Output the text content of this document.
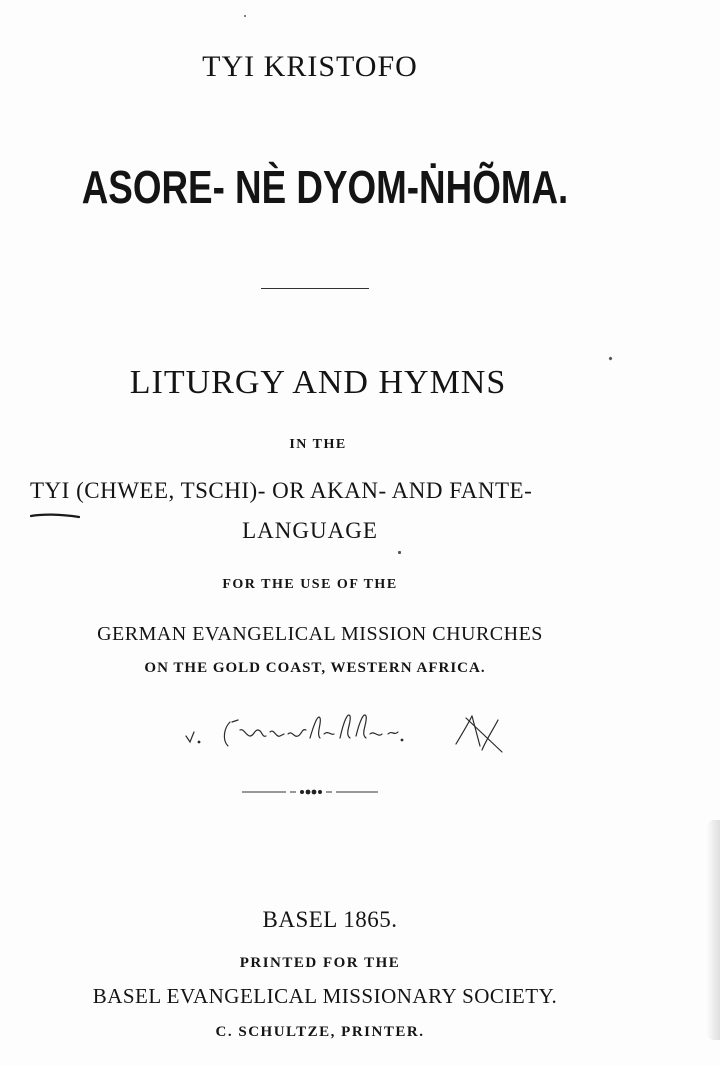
TYI KRISTOFO
ASORE- NÈ DYOM-ṄHÕMA.
LITURGY AND HYMNS
IN THE
TYI (CHWEE, TSCHI)- OR AKAN- AND FANTE-
LANGUAGE
FOR THE USE OF THE
GERMAN EVANGELICAL MISSION CHURCHES
ON THE GOLD COAST, WESTERN AFRICA.
BASEL 1865.
PRINTED FOR THE
BASEL EVANGELICAL MISSIONARY SOCIETY.
C. SCHULTZE, PRINTER.
